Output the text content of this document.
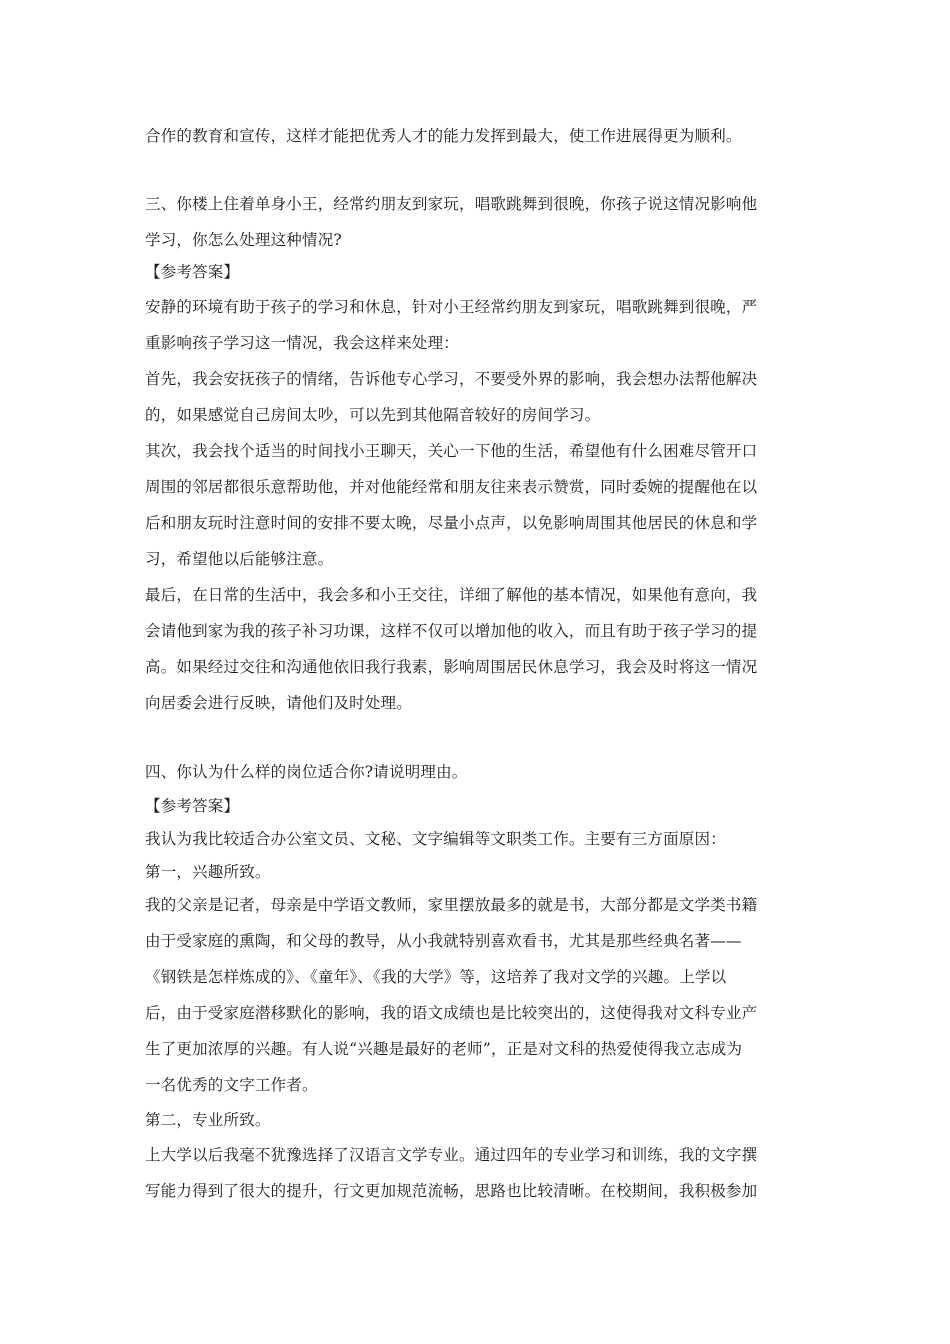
合作的教育和宣传，这样才能把优秀人才的能力发挥到最大，使工作进展得更为顺利。
三、你楼上住着单身小王，经常约朋友到家玩，唱歌跳舞到很晚，你孩子说这情况影响他
学习，你怎么处理这种情况?
【参考答案】
安静的环境有助于孩子的学习和休息，针对小王经常约朋友到家玩，唱歌跳舞到很晚，严
重影响孩子学习这一情况，我会这样来处理：
首先，我会安抚孩子的情绪，告诉他专心学习，不要受外界的影响，我会想办法帮他解决
的，如果感觉自己房间太吵，可以先到其他隔音较好的房间学习。
其次，我会找个适当的时间找小王聊天，关心一下他的生活，希望他有什么困难尽管开口
周围的邻居都很乐意帮助他，并对他能经常和朋友往来表示赞赏，同时委婉的提醒他在以
后和朋友玩时注意时间的安排不要太晚，尽量小点声，以免影响周围其他居民的休息和学
习，希望他以后能够注意。
最后，在日常的生活中，我会多和小王交往，详细了解他的基本情况，如果他有意向，我
会请他到家为我的孩子补习功课，这样不仅可以增加他的收入，而且有助于孩子学习的提
高。如果经过交往和沟通他依旧我行我素，影响周围居民休息学习，我会及时将这一情况
向居委会进行反映，请他们及时处理。
四、你认为什么样的岗位适合你?请说明理由。
【参考答案】
我认为我比较适合办公室文员、文秘、文字编辑等文职类工作。主要有三方面原因：
第一，兴趣所致。
我的父亲是记者，母亲是中学语文教师，家里摆放最多的就是书，大部分都是文学类书籍
由于受家庭的熏陶，和父母的教导，从小我就特别喜欢看书，尤其是那些经典名著——
《钢铁是怎样炼成的》、《童年》、《我的大学》等，这培养了我对文学的兴趣。上学以
后，由于受家庭潜移默化的影响，我的语文成绩也是比较突出的，这使得我对文科专业产
生了更加浓厚的兴趣。有人说“兴趣是最好的老师”，正是对文科的热爱使得我立志成为
一名优秀的文字工作者。
第二，专业所致。
上大学以后我毫不犹豫选择了汉语言文学专业。通过四年的专业学习和训练，我的文字撰
写能力得到了很大的提升，行文更加规范流畅，思路也比较清晰。在校期间，我积极参加
